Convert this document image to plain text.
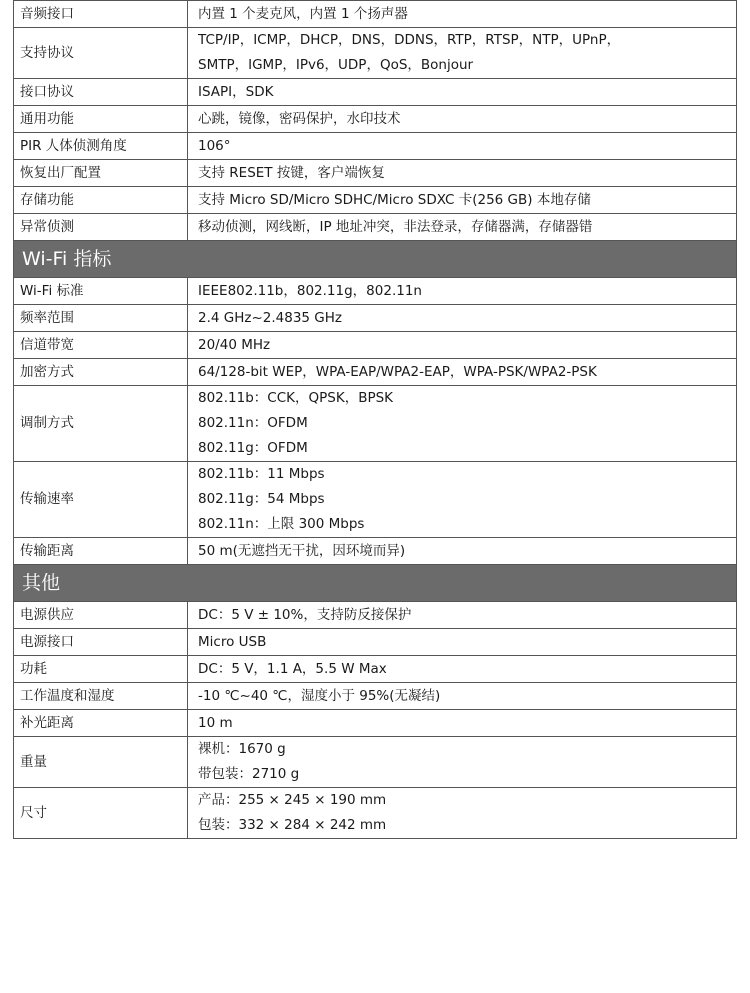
音频接口	内置 1 个麦克风，内置 1 个扬声器
支持协议	TCP/IP，ICMP，DHCP，DNS，DDNS，RTP，RTSP，NTP，UPnP，
SMTP，IGMP，IPv6，UDP，QoS，Bonjour

接口协议	ISAPI，SDK
通用功能	心跳，镜像，密码保护，水印技术
PIR 人体侦测角度	106°
恢复出厂配置	支持 RESET 按键，客户端恢复
存储功能	支持 Micro SD/Micro SDHC/Micro SDXC 卡(256 GB) 本地存储
异常侦测	移动侦测，网线断，IP 地址冲突，非法登录，存储器满，存储器错
Wi-Fi 指标	
Wi-Fi 标准	IEEE802.11b，802.11g，802.11n
频率范围	2.4 GHz~2.4835 GHz
信道带宽	20/40 MHz
加密方式	64/128-bit WEP，WPA-EAP/WPA2-EAP，WPA-PSK/WPA2-PSK
调制方式	802.11b：CCK，QPSK，BPSK
802.11n：OFDM
802.11g：OFDM

传输速率	802.11b：11 Mbps
802.11g：54 Mbps
802.11n：上限 300 Mbps

传输距离	50 m(无遮挡无干扰，因环境而异)
其他	
电源供应	DC：5 V ± 10%，支持防反接保护
电源接口	Micro USB
功耗	DC：5 V，1.1 A，5.5 W Max
工作温度和湿度	-10 ℃~40 ℃，湿度小于 95%(无凝结)
补光距离	10 m
重量	裸机：1670 g
带包装：2710 g

尺寸	产品：255 × 245 × 190 mm
包装：332 × 284 × 242 mm
